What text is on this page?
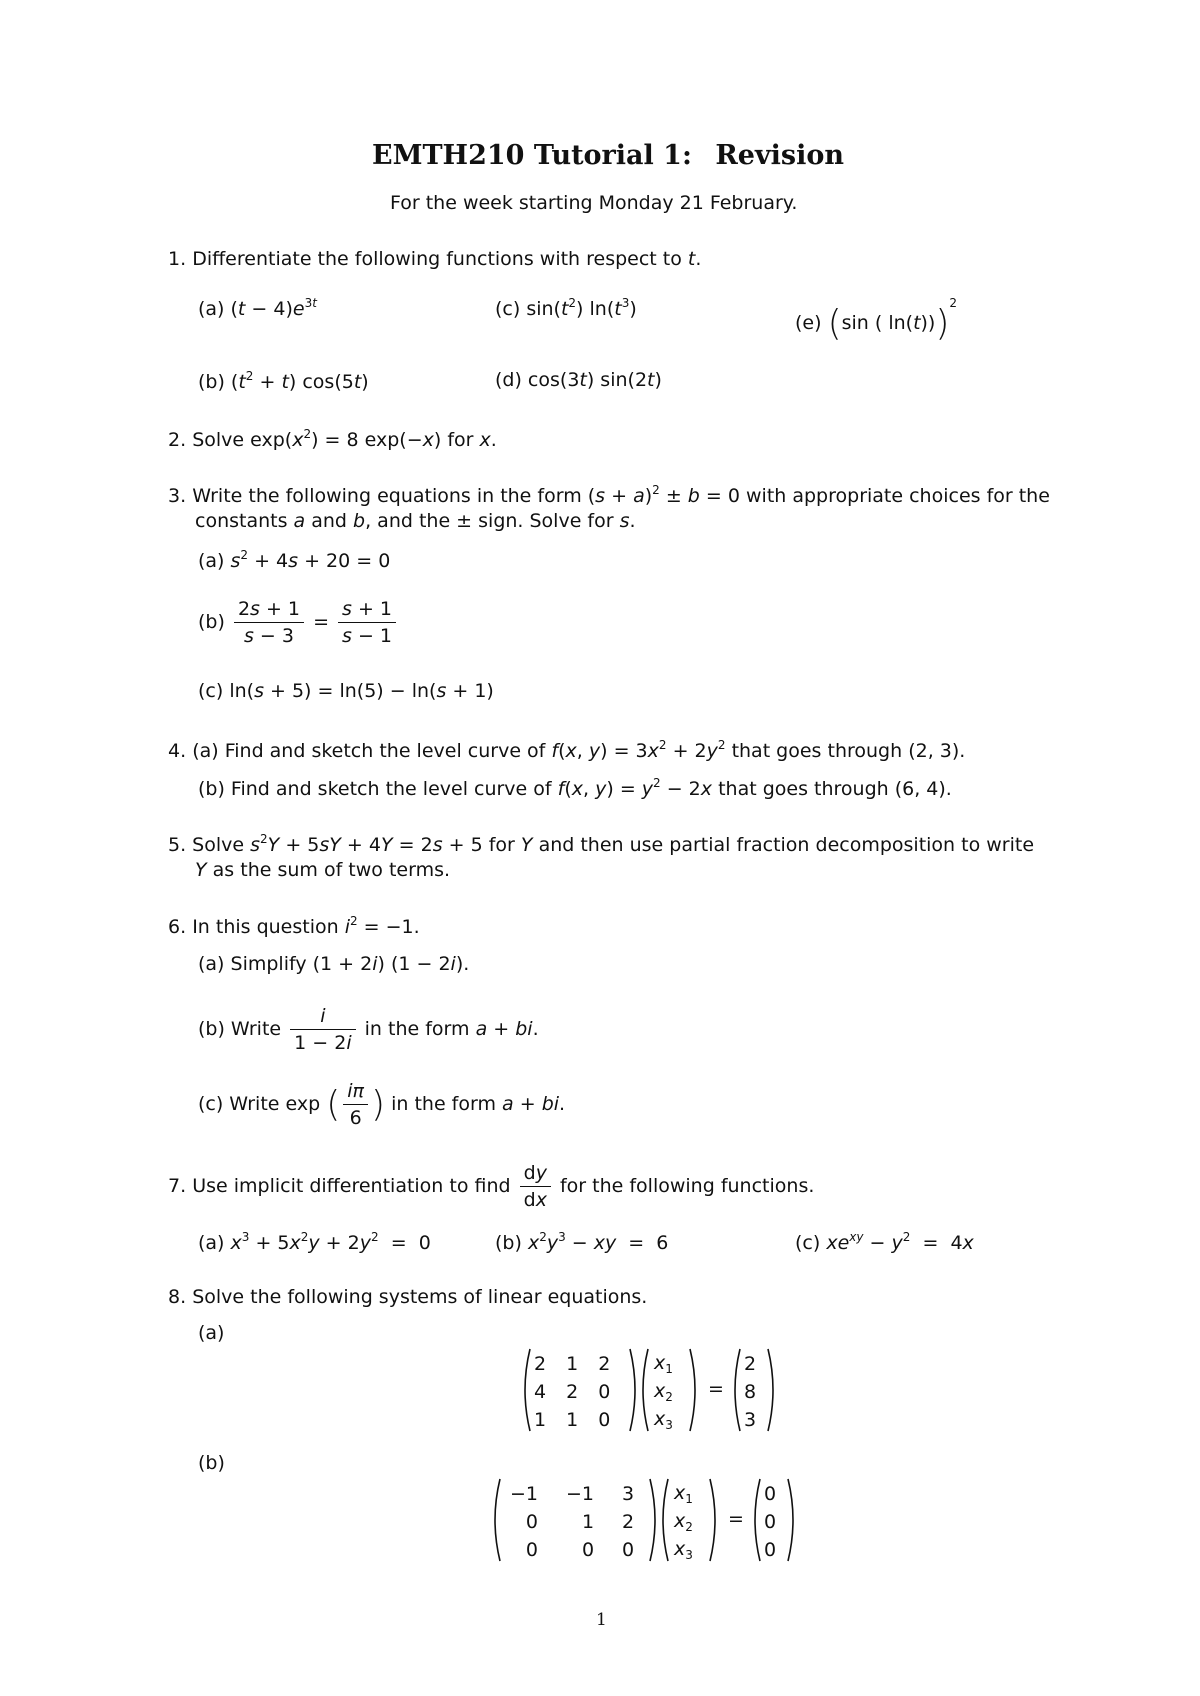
EMTH210 Tutorial 1: Revision
For the week starting Monday 21 February.
1. Differentiate the following functions with respect to t.
(a) $(t - 4)e^{3t}$	(c) $\sin(t^2)$ $\ln(t^3)$
(e) (sin ( ln(t)))$^2$
(b) $(t^2 + t)$ cos(5t)	(d) cos(3t) sin(2t)
2. Solve $\exp(x^2) = 8$ exp(−x) for x.
3. Write the following equations in the form $(s + a)^2 \pm b = 0$ with appropriate choices for the
constants a and b, and the ± sign. Solve for s.
(a) $s^2 + 4s + 20 = 0$
$(b) \frac{2s + 1}{s - 3} = \frac{s + 1}{s - 1}$
(c) ln(s + 5) = ln(5) − ln(s + 1)
4. (a) Find and sketch the level curve of f(x, $y) = 3x^2 + 2y^2$ that goes through (2, 3).
(b) Find and sketch the level curve of f(x, $y) = y^2 - 2x$ that goes through (6, 4).
5. Solve $s^2Y + 5sY + 4Y = 2s + 5$ for Y and then use partial fraction decomposition to write
Y as the sum of two terms.
6. In this question $i^2 = -1$.
(a) Simplify (1 + 2i) (1 − 2i).
(b) Write $\frac{i}{1 - 2i}$ in the form a + bi.
(c) Write exp ( $\frac{i\pi}{6}$ ) in the form a + bi.
7. Use implicit differentiation to find $\frac{dy}{dx}$ for the following functions.
(a) $x^3 + 5x^2y + 2y^2 = 0$	(b) $x^2y^3$ − xy  =  6	(c) $xe^{xy} - y^2 = 4x$
8. Solve the following systems of linear equations.
(a)
2	1	2
4	2	0
1	1	0
$x_1$
$x_2$
$x_3$
=
2
8
3
(b)
−1	−1	3
0	1	2
0	0	0
$x_1$
$x_2$
$x_3$
=
0
0
0
1
